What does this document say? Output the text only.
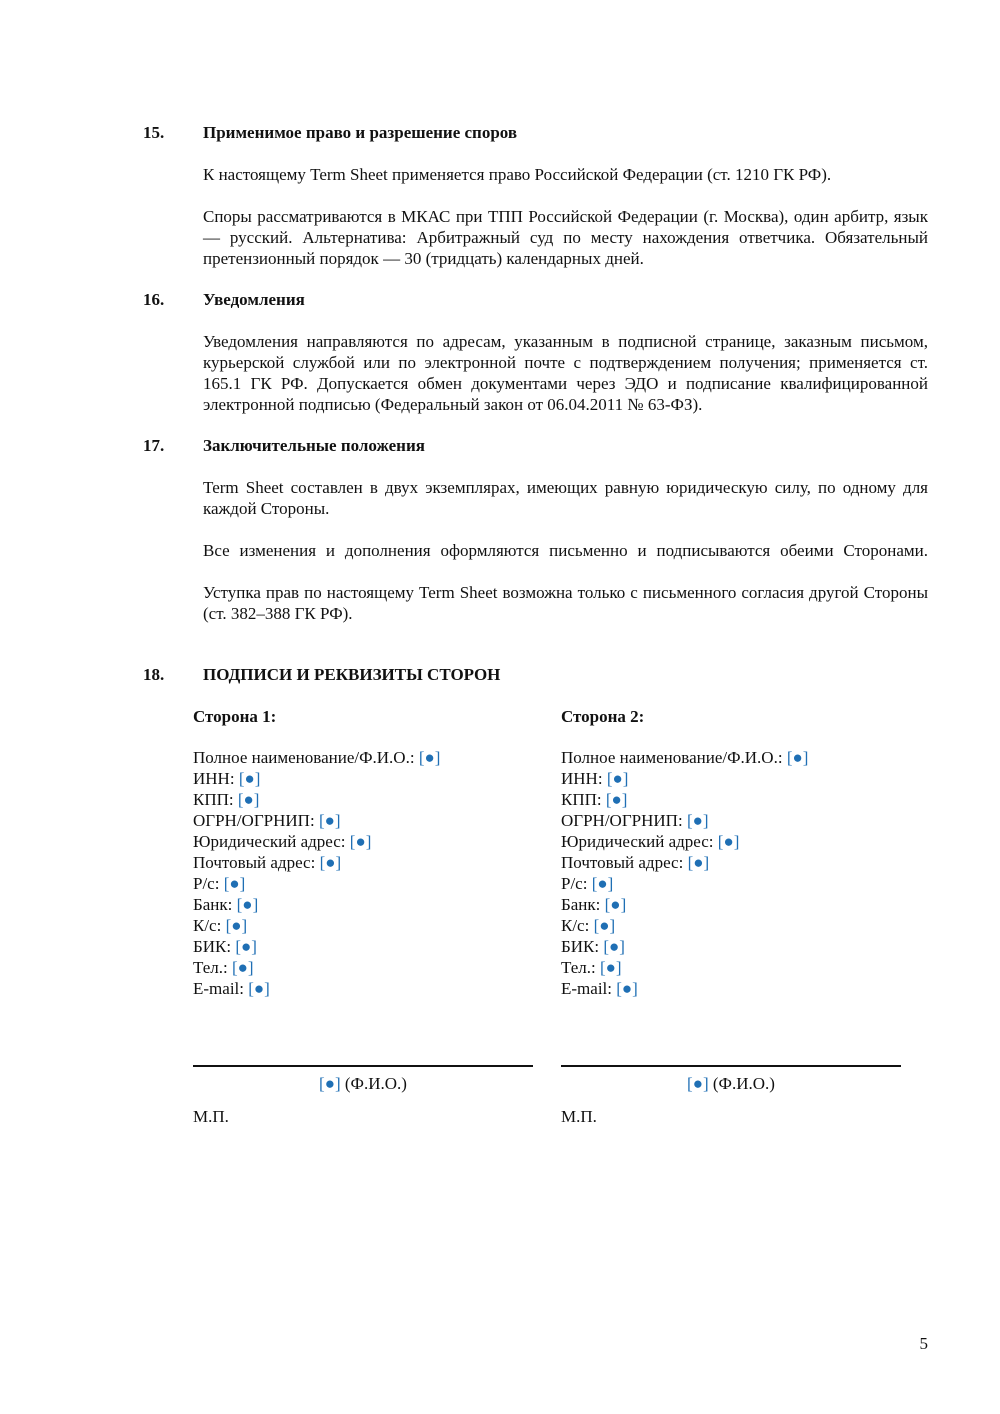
15.	Применимое право и разрешение споров
К настоящему Term Sheet применяется право Российской Федерации (ст. 1210 ГК РФ).
Споры рассматриваются в МКАС при ТПП Российской Федерации (г. Москва), один арбитр, язык — русский. Альтернатива: Арбитражный суд по месту нахождения ответчика. Обязательный претензионный порядок — 30 (тридцать) календарных дней.
16.	Уведомления
Уведомления направляются по адресам, указанным в подписной странице, заказным письмом, курьерской службой или по электронной почте с подтверждением получения; применяется ст. 165.1 ГК РФ. Допускается обмен документами через ЭДО и подписание квалифицированной электронной подписью (Федеральный закон от 06.04.2011 № 63-ФЗ).
17.	Заключительные положения
Term Sheet составлен в двух экземплярах, имеющих равную юридическую силу, по одному для каждой Стороны.
Все изменения и дополнения оформляются письменно и подписываются обеими Сторонами.
Уступка прав по настоящему Term Sheet возможна только с письменного согласия другой Стороны (ст. 382–388 ГК РФ).
18.	ПОДПИСИ И РЕКВИЗИТЫ СТОРОН
Сторона 1:
Полное наименование/Ф.И.О.: [●]
ИНН: [●]
КПП: [●]
ОГРН/ОГРНИП: [●]
Юридический адрес: [●]
Почтовый адрес: [●]
Р/с: [●]
Банк: [●]
К/с: [●]
БИК: [●]
Тел.: [●]
E-mail: [●]
Сторона 2:
Полное наименование/Ф.И.О.: [●]
ИНН: [●]
КПП: [●]
ОГРН/ОГРНИП: [●]
Юридический адрес: [●]
Почтовый адрес: [●]
Р/с: [●]
Банк: [●]
К/с: [●]
БИК: [●]
Тел.: [●]
E-mail: [●]
[●] (Ф.И.О.)	[●] (Ф.И.О.)
М.П.	М.П.
5
